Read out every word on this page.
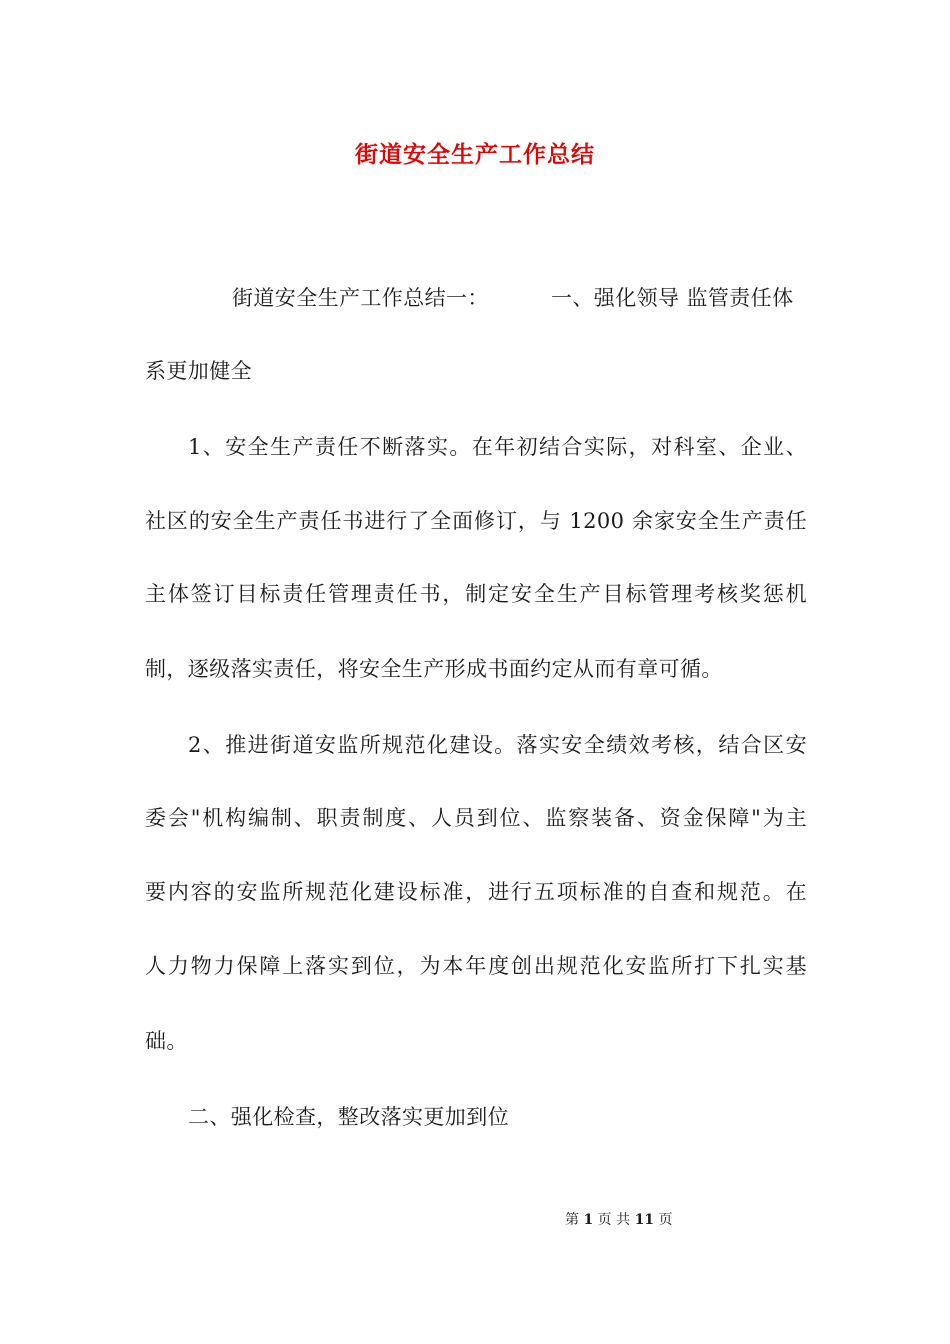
街道安全生产工作总结
街道安全生产工作总结一：	一、强化领导 监管责任体
系更加健全
1、安全生产责任不断落实。在年初结合实际，对科室、企业、
社区的安全生产责任书进行了全面修订，与 1200 余家安全生产责任
主体签订目标责任管理责任书，制定安全生产目标管理考核奖惩机
制，逐级落实责任，将安全生产形成书面约定从而有章可循。
2、推进街道安监所规范化建设。落实安全绩效考核，结合区安
委会"机构编制、职责制度、人员到位、监察装备、资金保障"为主
要内容的安监所规范化建设标准，进行五项标准的自查和规范。在
人力物力保障上落实到位，为本年度创出规范化安监所打下扎实基
础。
二、强化检查，整改落实更加到位
第 1 页 共 11 页
